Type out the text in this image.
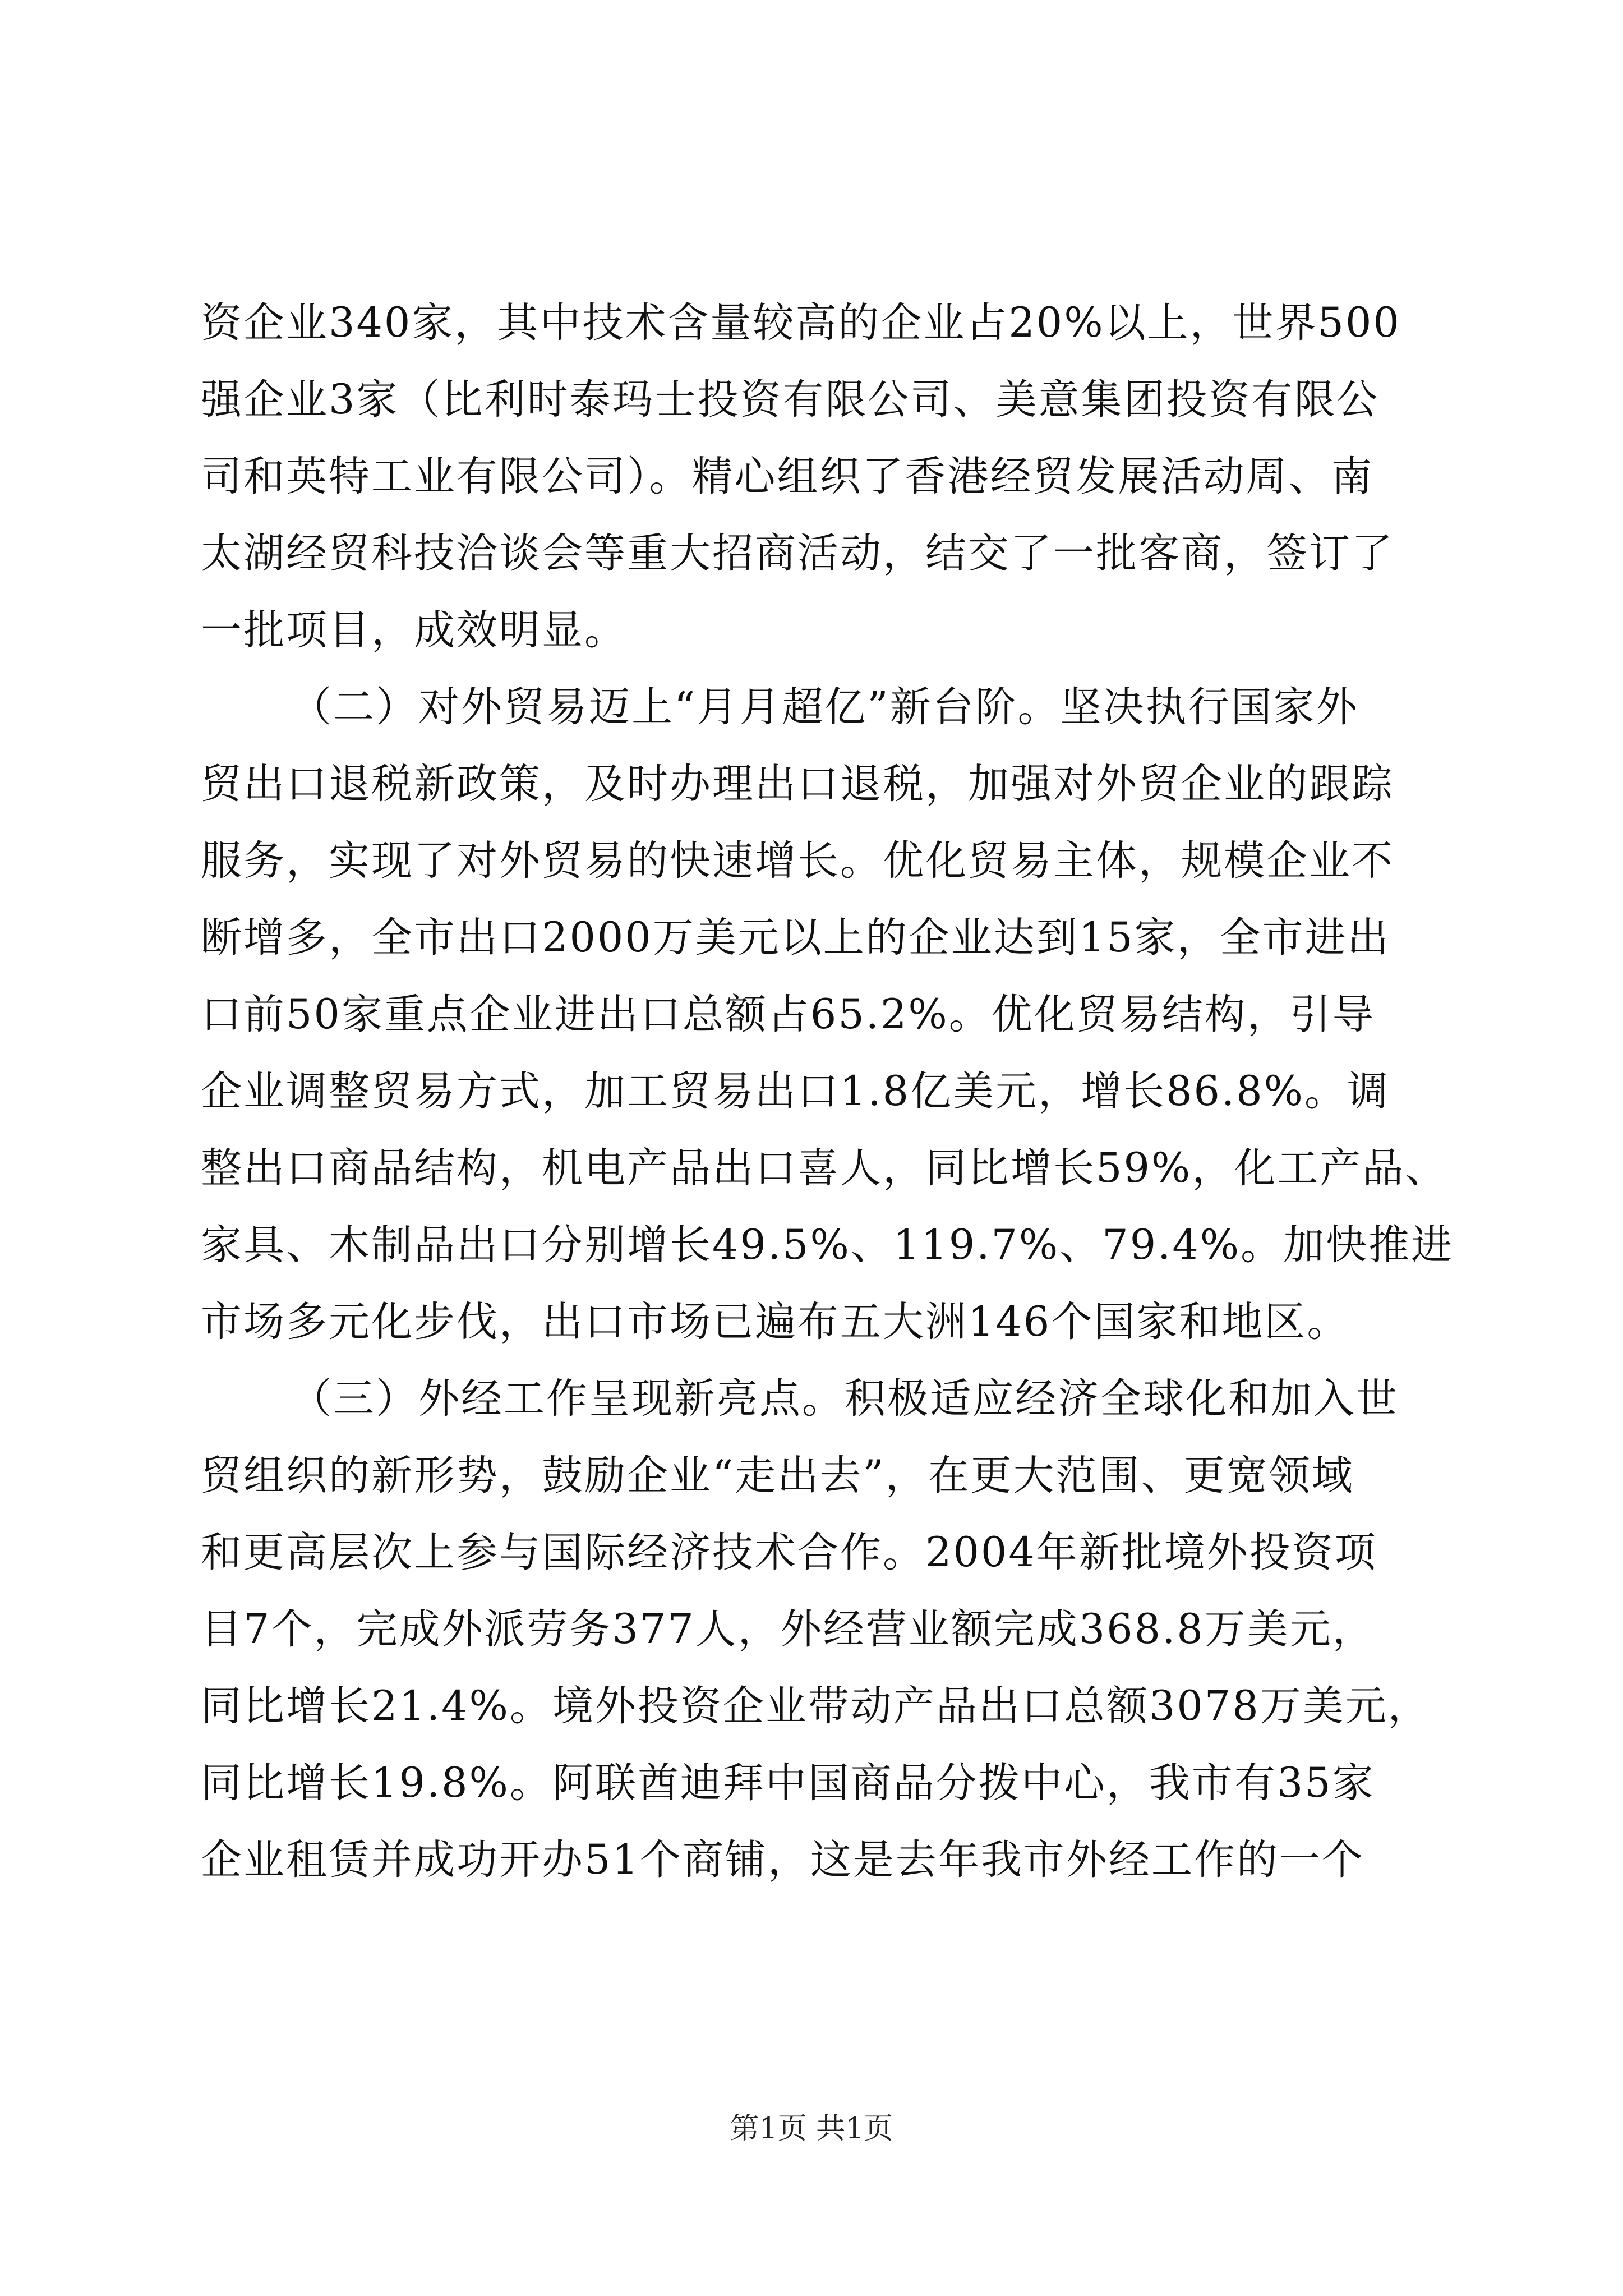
资企业340家，其中技术含量较高的企业占20%以上，世界500
强企业3家（比利时泰玛士投资有限公司、美意集团投资有限公
司和英特工业有限公司）。精心组织了香港经贸发展活动周、南
太湖经贸科技洽谈会等重大招商活动，结交了一批客商，签订了
一批项目，成效明显。
（二）对外贸易迈上“月月超亿”新台阶。坚决执行国家外
贸出口退税新政策，及时办理出口退税，加强对外贸企业的跟踪
服务，实现了对外贸易的快速增长。优化贸易主体，规模企业不
断增多，全市出口2000万美元以上的企业达到15家，全市进出
口前50家重点企业进出口总额占65.2%。优化贸易结构，引导
企业调整贸易方式，加工贸易出口1.8亿美元，增长86.8%。调
整出口商品结构，机电产品出口喜人，同比增长59%，化工产品、
家具、木制品出口分别增长49.5%、119.7%、79.4%。加快推进
市场多元化步伐，出口市场已遍布五大洲146个国家和地区。
（三）外经工作呈现新亮点。积极适应经济全球化和加入世
贸组织的新形势，鼓励企业“走出去”，在更大范围、更宽领域
和更高层次上参与国际经济技术合作。2004年新批境外投资项
目7个，完成外派劳务377人，外经营业额完成368.8万美元，
同比增长21.4%。境外投资企业带动产品出口总额3078万美元，
同比增长19.8%。阿联酋迪拜中国商品分拨中心，我市有35家
企业租赁并成功开办51个商铺，这是去年我市外经工作的一个
第1页 共1页
